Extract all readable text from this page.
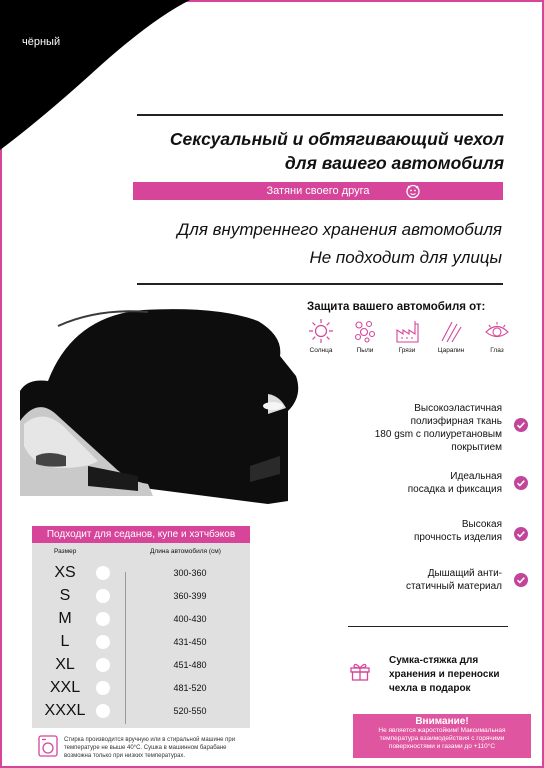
чёрный
Сексуальный и обтягивающий чехол
для вашего автомобиля
Затяни своего друга
Для внутреннего хранения автомобиля
Не подходит для улицы
Защита вашего автомобиля от:
Солнца	Пыли	Грязи	Царапин	Глаз
Высокоэластичная
полиэфирная ткань
180 gsm с полиуретановым
покрытием
Идеальная
посадка и фиксация
Высокая
прочность изделия
Дышащий анти-
статичный материал
Сумка-стяжка для
хранения и переноски
чехла в подарок
Подходит для седанов, купе и хэтчбэков
Размер	Длина автомобиля (см)
XS	300-360
S	360-399
M	400-430
L	431-450
XL	451-480
XXL	481-520
XXXL	520-550
Стирка производится вручную или в стиральной машине при температуре не выше 40°С. Сушка в машинном барабане возможна только при низких температурах.
Внимание!
Не является жаростойким! Максимальная температура взаимодействия с горячими поверхностями и газами до +110°С
